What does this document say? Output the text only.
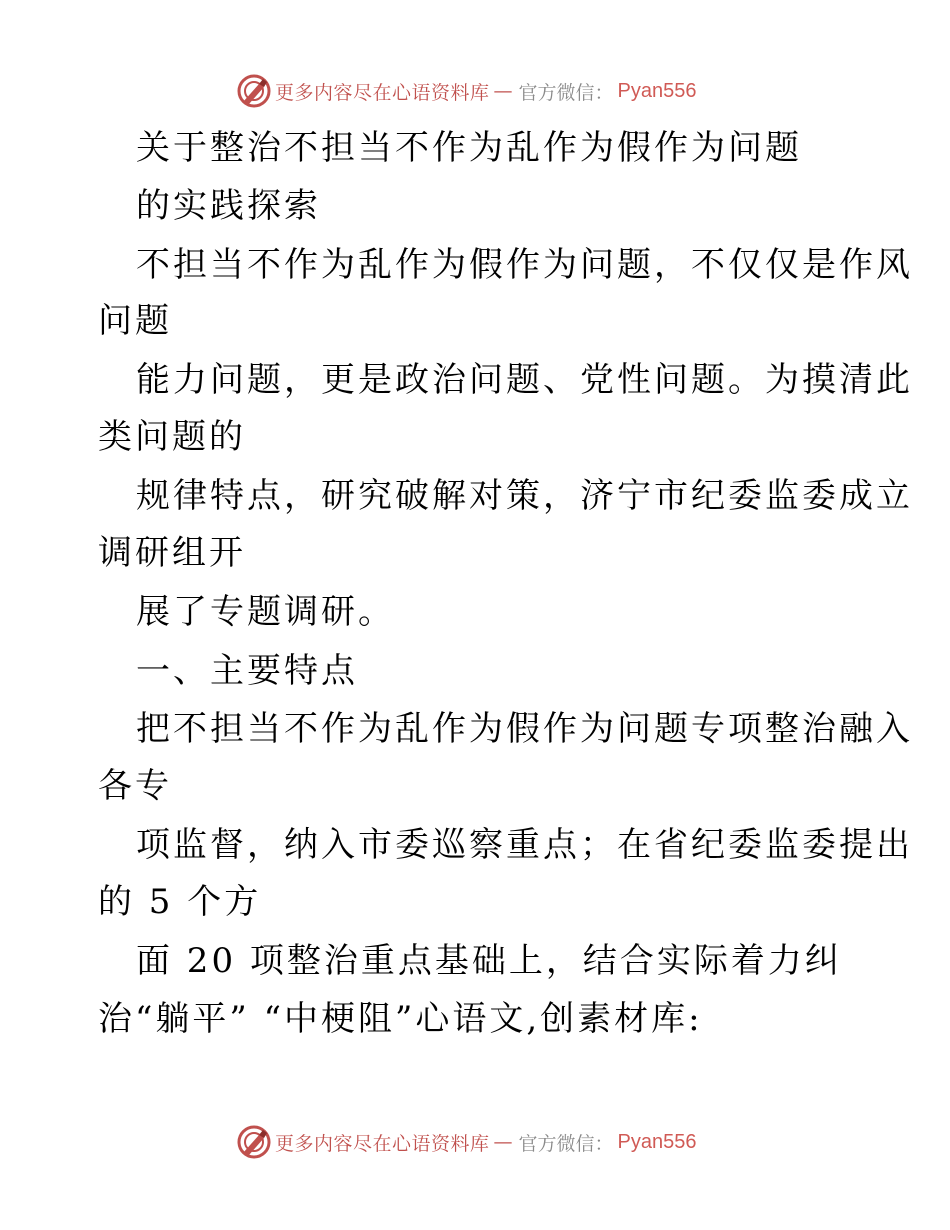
更多内容尽在心语资料库 — 官方微信： Pyan556
关于整治不担当不作为乱作为假作为问题
的实践探索
不担当不作为乱作为假作为问题，不仅仅是作风
问题
能力问题，更是政治问题、党性问题。为摸清此
类问题的
规律特点，研究破解对策，济宁市纪委监委成立
调研组开
展了专题调研。
一、主要特点
把不担当不作为乱作为假作为问题专项整治融入
各专
项监督，纳入市委巡察重点；在省纪委监委提出
的 5 个方
面 20 项整治重点基础上，结合实际着力纠
治“躺平” “中梗阻”心语文,创素材库:
更多内容尽在心语资料库 — 官方微信： Pyan556
